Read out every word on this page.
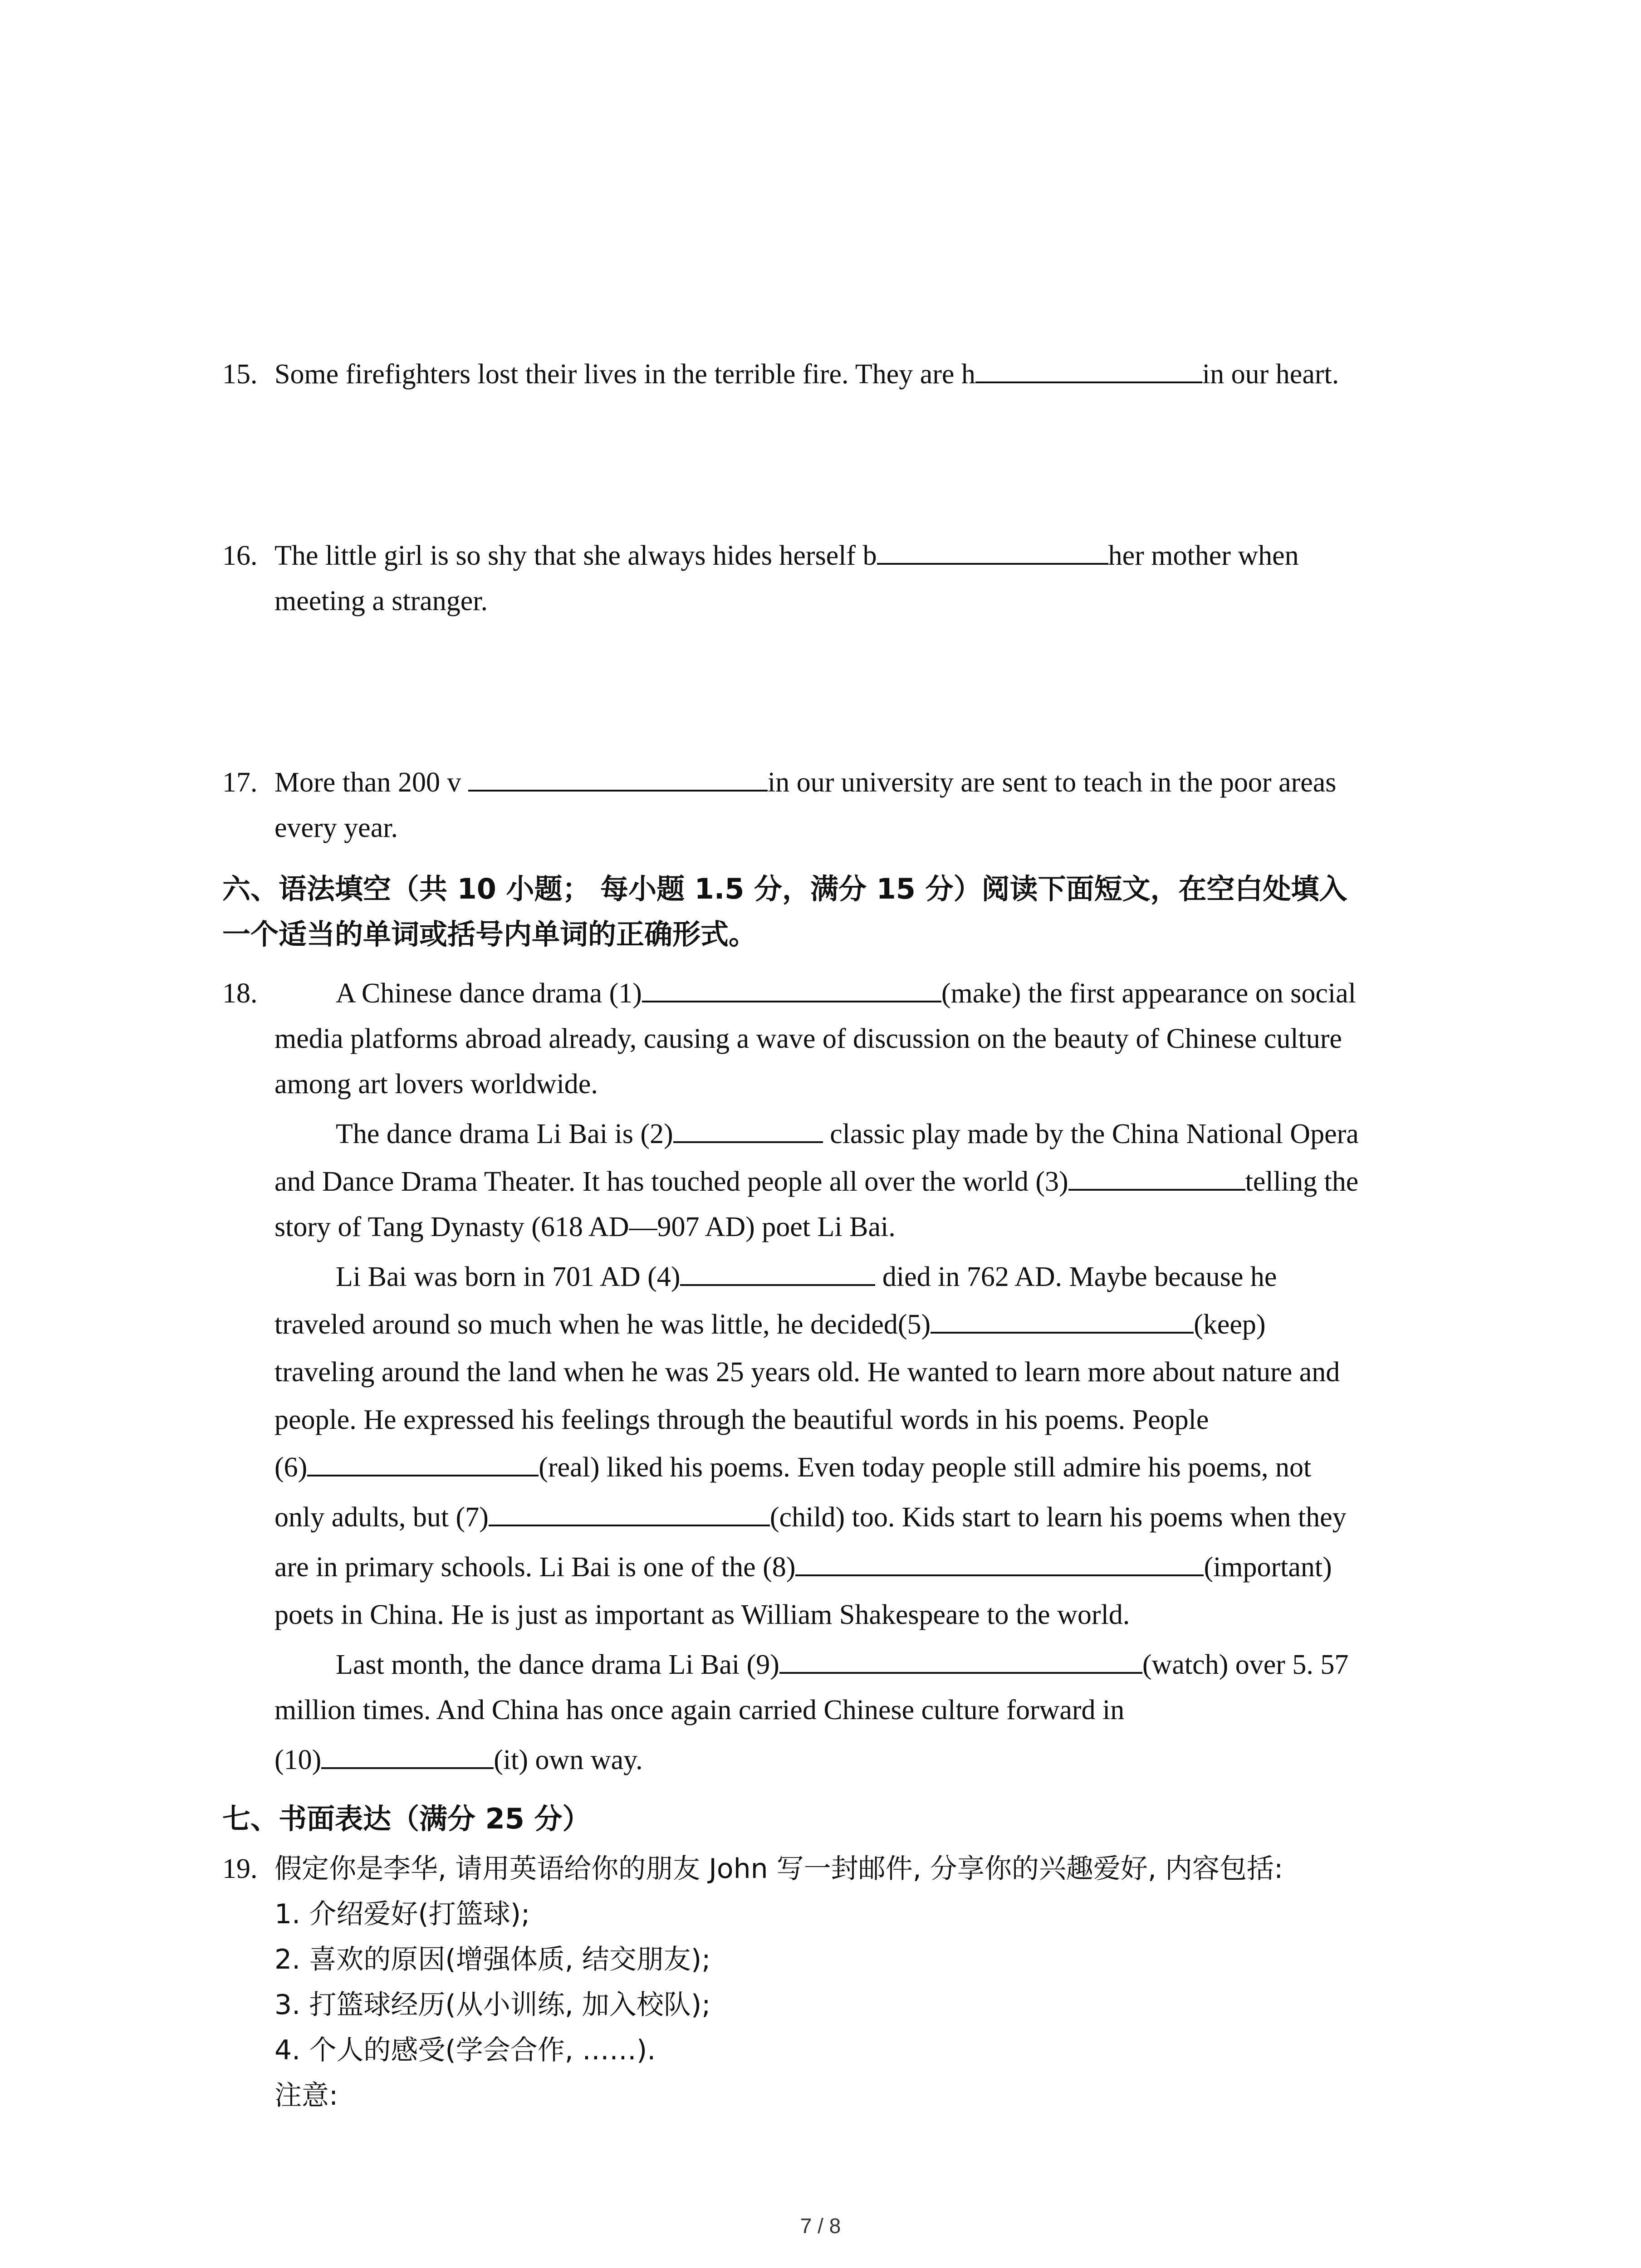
15. Some firefighters lost their lives in the terrible fire. They are h	in our heart.
16. The little girl is so shy that she always hides herself b	her mother when
meeting a stranger.
17. More than 200 v	in our university are sent to teach in the poor areas
every year.
六、语法填空（共 10 小题； 每小题 1.5 分，满分 15 分）阅读下面短文，在空白处填入
一个适当的单词或括号内单词的正确形式。
18.	A Chinese dance drama (1)	(make) the first appearance on social
media platforms abroad already, causing a wave of discussion on the beauty of Chinese culture
among art lovers worldwide.
The dance drama Li Bai is (2)	classic play made by the China National Opera
and Dance Drama Theater. It has touched people all over the world (3)	telling the
story of Tang Dynasty (618 AD—907 AD) poet Li Bai.
Li Bai was born in 701 AD (4)	died in 762 AD. Maybe because he
traveled around so much when he was little, he decided(5)	(keep)
traveling around the land when he was 25 years old. He wanted to learn more about nature and
people. He expressed his feelings through the beautiful words in his poems. People
(6)	(real) liked his poems. Even today people still admire his poems, not
only adults, but (7)	(child) too. Kids start to learn his poems when they
are in primary schools. Li Bai is one of the (8)	(important)
poets in China. He is just as important as William Shakespeare to the world.
Last month, the dance drama Li Bai (9)	(watch) over 5. 57
million times. And China has once again carried Chinese culture forward in
(10)	(it) own way.
七、书面表达（满分 25 分）
19. 假定你是李华, 请用英语给你的朋友 John 写一封邮件, 分享你的兴趣爱好, 内容包括:
1. 介绍爱好(打篮球);
2. 喜欢的原因(增强体质, 结交朋友);
3. 打篮球经历(从小训练, 加入校队);
4. 个人的感受(学会合作, ……).
注意:
7 / 8
